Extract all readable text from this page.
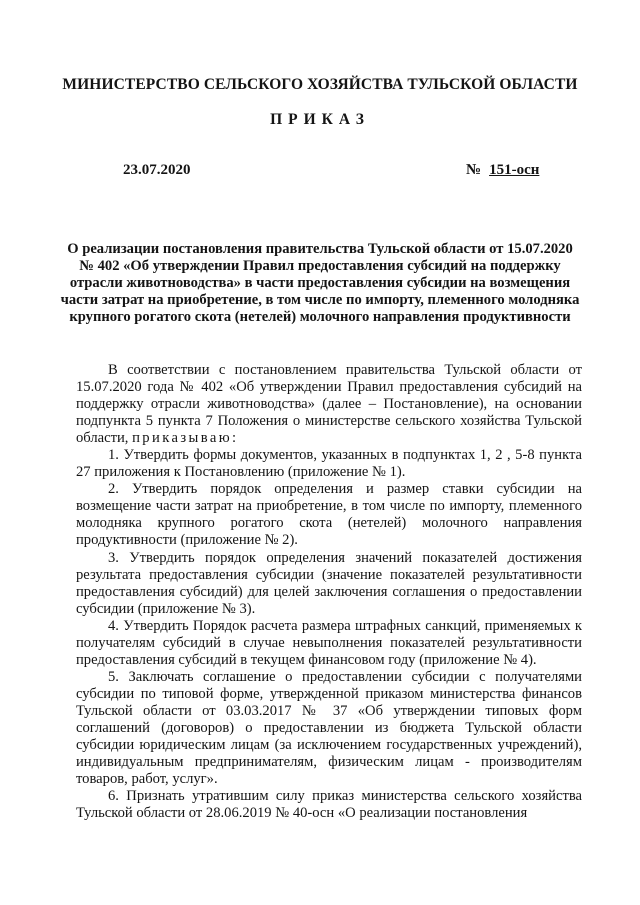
МИНИСТЕРСТВО СЕЛЬСКОГО ХОЗЯЙСТВА ТУЛЬСКОЙ ОБЛАСТИ
ПРИКАЗ
23.07.2020	№ 151-осн
О реализации постановления правительства Тульской области от 15.07.2020 № 402 «Об утверждении Правил предоставления субсидий на поддержку отрасли животноводства» в части предоставления субсидии на возмещения части затрат на приобретение, в том числе по импорту, племенного молодняка крупного рогатого скота (нетелей) молочного направления продуктивности

В соответствии с постановлением правительства Тульской области от 15.07.2020 года № 402 «Об утверждении Правил предоставления субсидий на поддержку отрасли животноводства» (далее – Постановление), на основании подпункта 5 пункта 7 Положения о министерстве сельского хозяйства Тульской области, приказываю:

1. Утвердить формы документов, указанных в подпунктах 1, 2 , 5-8 пункта 27 приложения к Постановлению (приложение № 1).

2. Утвердить порядок определения и размер ставки субсидии на возмещение части затрат на приобретение, в том числе по импорту, племенного молодняка крупного рогатого скота (нетелей) молочного направления продуктивности (приложение № 2).

3. Утвердить порядок определения значений показателей достижения результата предоставления субсидии (значение показателей результативности предоставления субсидий) для целей заключения соглашения о предоставлении субсидии (приложение № 3).

4. Утвердить Порядок расчета размера штрафных санкций, применяемых к получателям субсидий в случае невыполнения показателей результативности предоставления субсидий в текущем финансовом году (приложение № 4).

5. Заключать соглашение о предоставлении субсидии с получателями субсидии по типовой форме, утвержденной приказом министерства финансов Тульской области от 03.03.2017 № 37 «Об утверждении типовых форм соглашений (договоров) о предоставлении из бюджета Тульской области субсидии юридическим лицам (за исключением государственных учреждений), индивидуальным предпринимателям, физическим лицам - производителям товаров, работ, услуг».

6. Признать утратившим силу приказ министерства сельского хозяйства Тульской области от 28.06.2019 № 40-осн «О реализации постановления
